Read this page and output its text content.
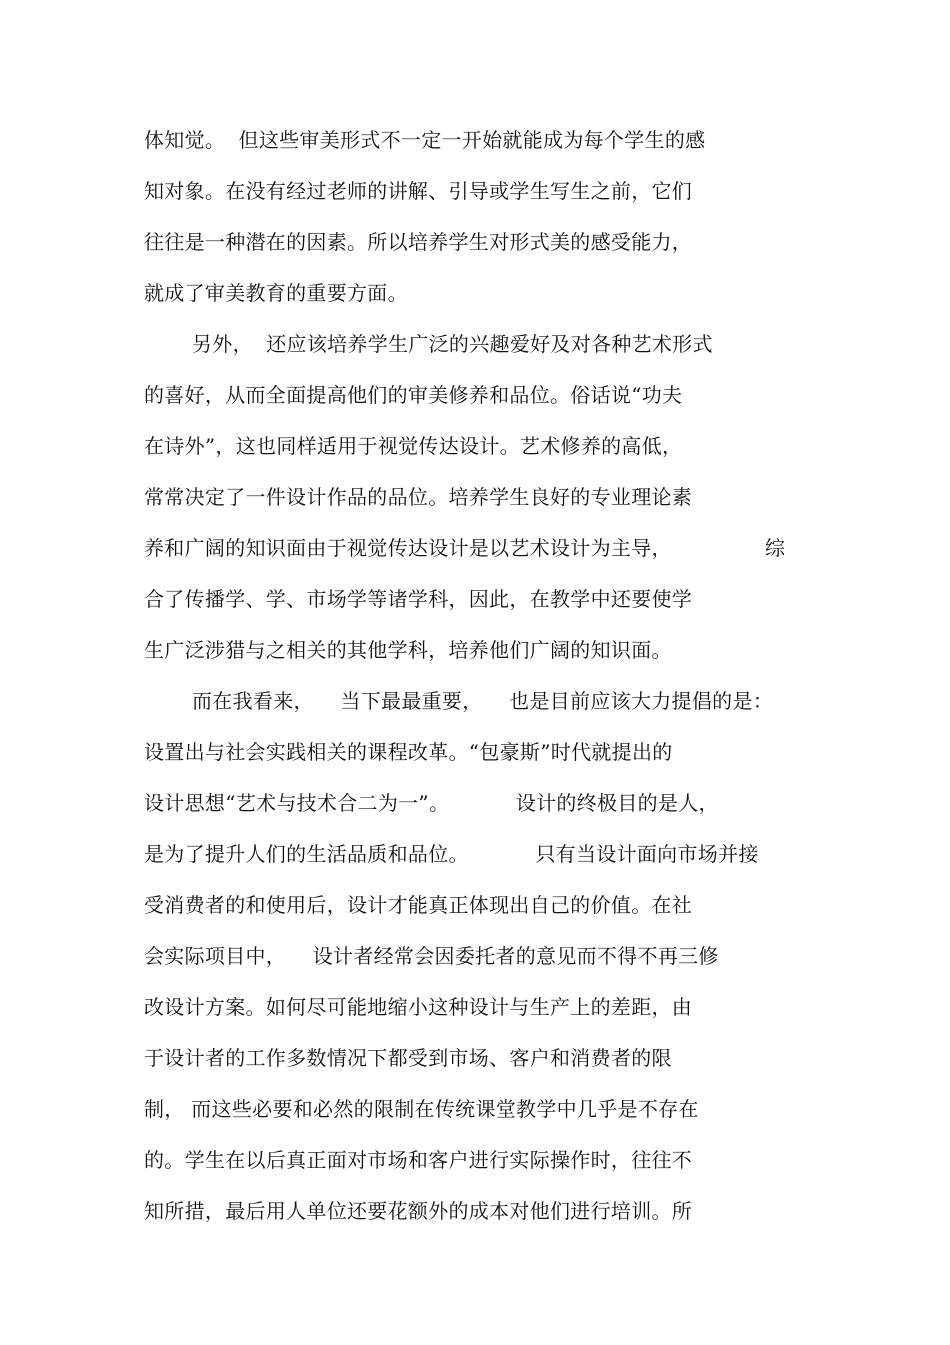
体知觉。  但这些审美形式不一定一开始就能成为每个学生的感
知对象。在没有经过老师的讲解、引导或学生写生之前，它们
往往是一种潜在的因素。所以培养学生对形式美的感受能力，
就成了审美教育的重要方面。
另外，  还应该培养学生广泛的兴趣爱好及对各种艺术形式
的喜好，从而全面提高他们的审美修养和品位。俗话说“功夫
在诗外”，这也同样适用于视觉传达设计。艺术修养的高低，
常常决定了一件设计作品的品位。培养学生良好的专业理论素
养和广阔的知识面由于视觉传达设计是以艺术设计为主导，              综
合了传播学、学、市场学等诸学科，因此，在教学中还要使学
生广泛涉猎与之相关的其他学科，培养他们广阔的知识面。
而在我看来，    当下最最重要，    也是目前应该大力提倡的是：
设置出与社会实践相关的课程改革。“包豪斯”时代就提出的
设计思想“艺术与技术合二为一”。          设计的终极目的是人，
是为了提升人们的生活品质和品位。          只有当设计面向市场并接
受消费者的和使用后，设计才能真正体现出自己的价值。在社
会实际项目中，    设计者经常会因委托者的意见而不得不再三修
改设计方案。如何尽可能地缩小这种设计与生产上的差距，由
于设计者的工作多数情况下都受到市场、客户和消费者的限
制， 而这些必要和必然的限制在传统课堂教学中几乎是不存在
的。学生在以后真正面对市场和客户进行实际操作时，往往不
知所措，最后用人单位还要花额外的成本对他们进行培训。所
